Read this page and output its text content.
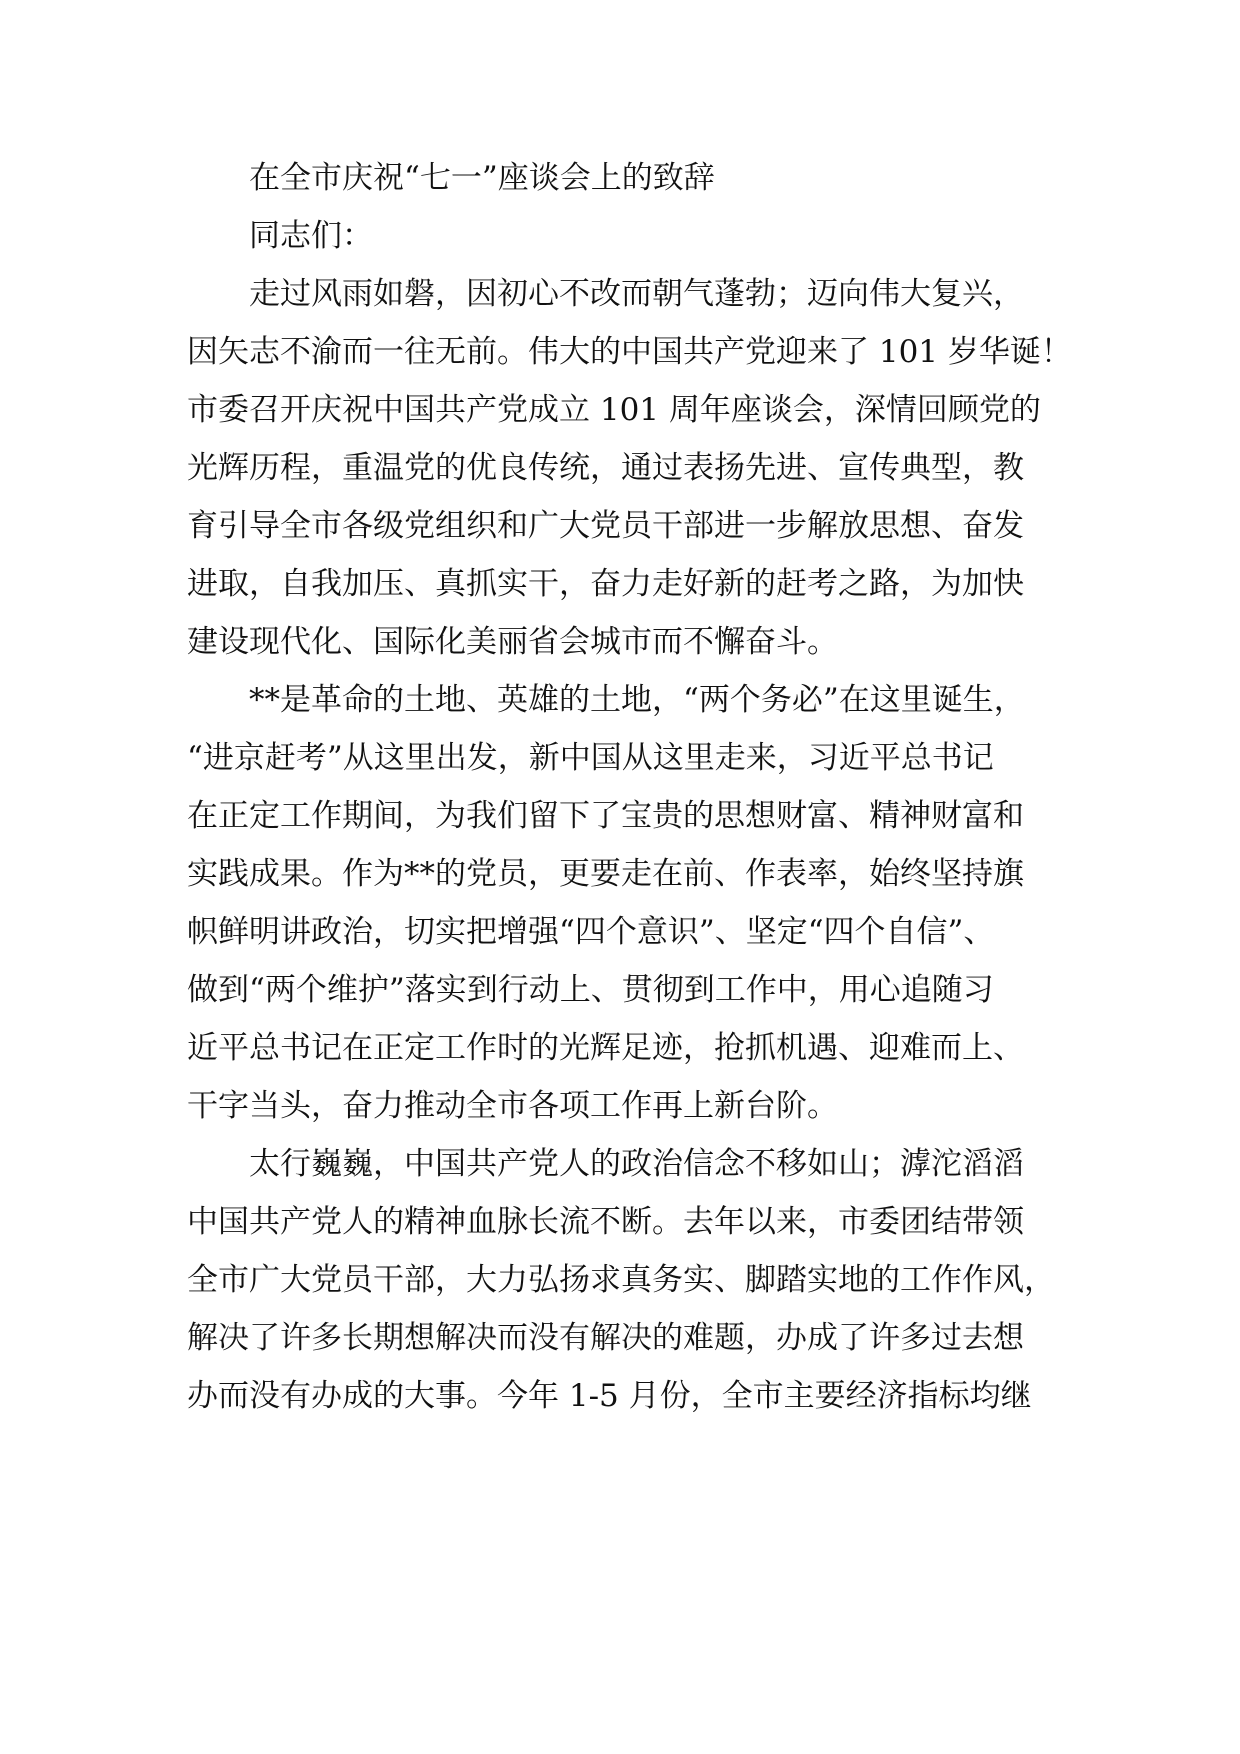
在全市庆祝“七一”座谈会上的致辞

同志们：

走过风雨如磐，因初心不改而朝气蓬勃；迈向伟大复兴，

因矢志不渝而一往无前。伟大的中国共产党迎来了 101 岁华诞！

市委召开庆祝中国共产党成立 101 周年座谈会，深情回顾党的

光辉历程，重温党的优良传统，通过表扬先进、宣传典型，教

育引导全市各级党组织和广大党员干部进一步解放思想、奋发

进取，自我加压、真抓实干，奋力走好新的赶考之路，为加快

建设现代化、国际化美丽省会城市而不懈奋斗。

**是革命的土地、英雄的土地，“两个务必”在这里诞生，

“进京赶考”从这里出发，新中国从这里走来，习近平总书记

在正定工作期间，为我们留下了宝贵的思想财富、精神财富和

实践成果。作为**的党员，更要走在前、作表率，始终坚持旗

帜鲜明讲政治，切实把增强“四个意识”、坚定“四个自信”、

做到“两个维护”落实到行动上、贯彻到工作中，用心追随习

近平总书记在正定工作时的光辉足迹，抢抓机遇、迎难而上、

干字当头，奋力推动全市各项工作再上新台阶。

太行巍巍，中国共产党人的政治信念不移如山；滹沱滔滔

中国共产党人的精神血脉长流不断。去年以来，市委团结带领

全市广大党员干部，大力弘扬求真务实、脚踏实地的工作作风，

解决了许多长期想解决而没有解决的难题，办成了许多过去想

办而没有办成的大事。今年 1-5 月份，全市主要经济指标均继
